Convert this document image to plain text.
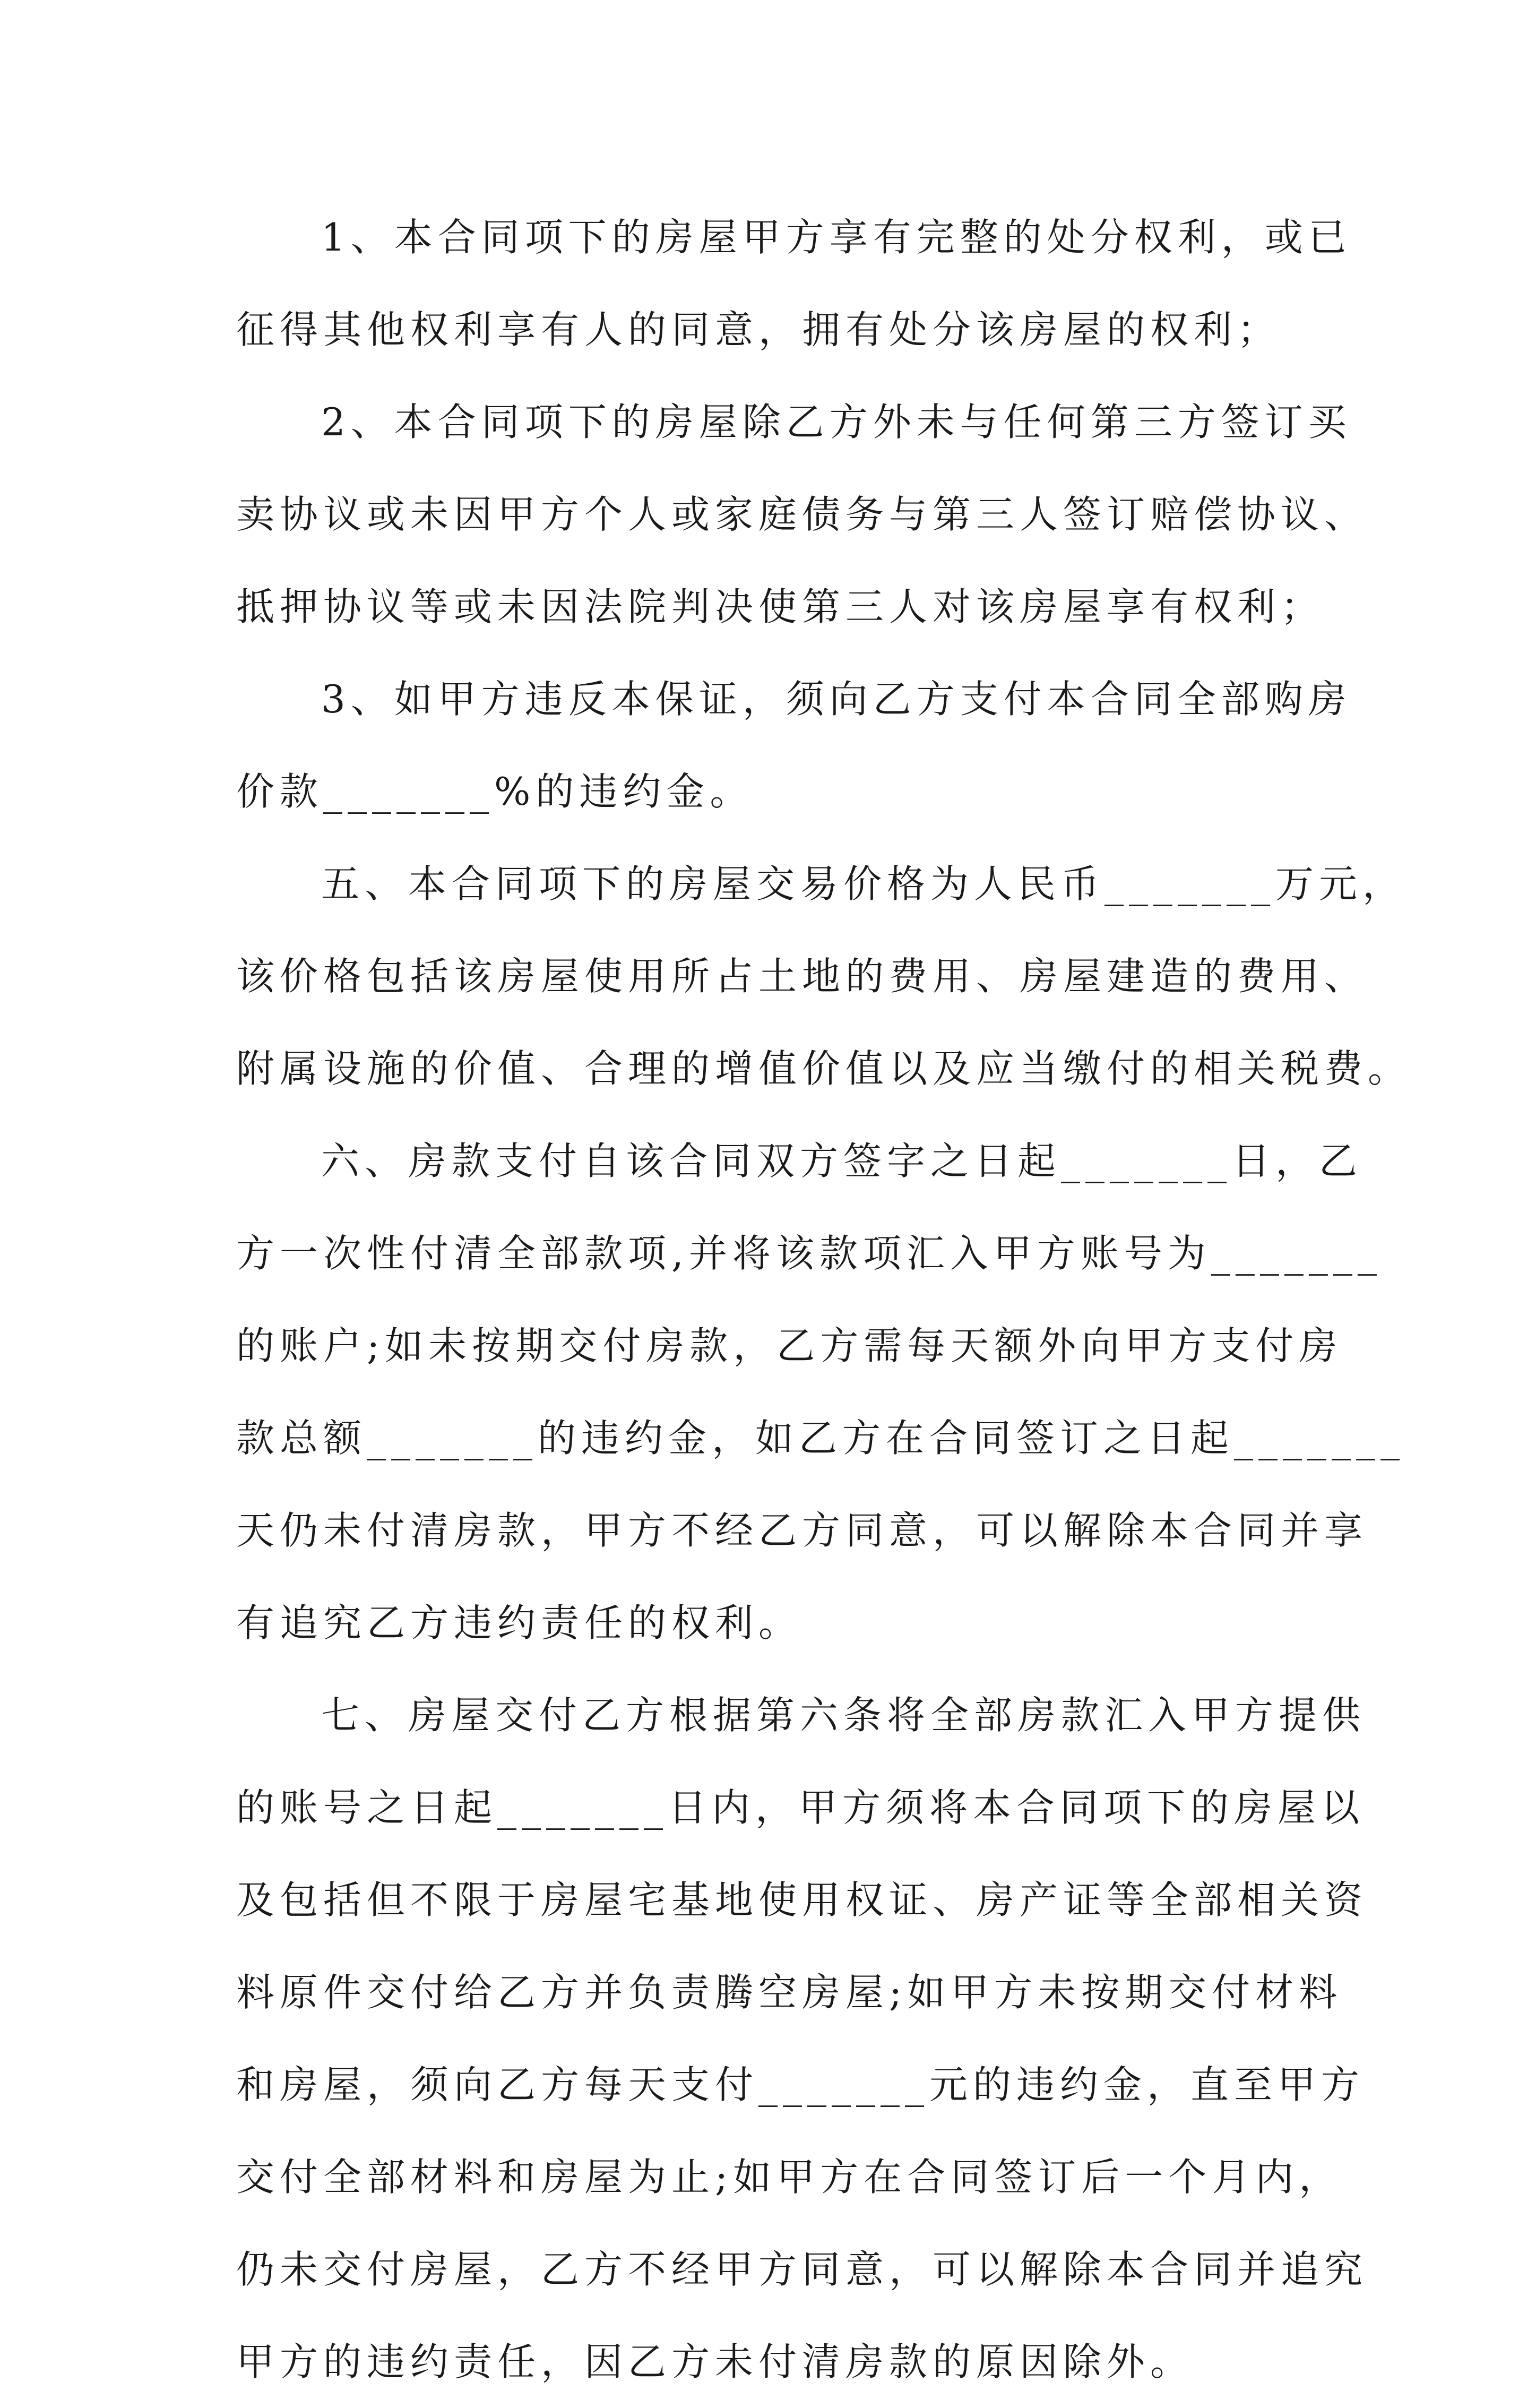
1、本合同项下的房屋甲方享有完整的处分权利，或已
征得其他权利享有人的同意，拥有处分该房屋的权利；
2、本合同项下的房屋除乙方外未与任何第三方签订买
卖协议或未因甲方个人或家庭债务与第三人签订赔偿协议、
抵押协议等或未因法院判决使第三人对该房屋享有权利；
3、如甲方违反本保证，须向乙方支付本合同全部购房
价款_______%的违约金。
五、本合同项下的房屋交易价格为人民币_______万元，
该价格包括该房屋使用所占土地的费用、房屋建造的费用、
附属设施的价值、合理的增值价值以及应当缴付的相关税费。
六、房款支付自该合同双方签字之日起_______日，乙
方一次性付清全部款项,并将该款项汇入甲方账号为_______
的账户;如未按期交付房款，乙方需每天额外向甲方支付房
款总额_______的违约金，如乙方在合同签订之日起_______
天仍未付清房款，甲方不经乙方同意，可以解除本合同并享
有追究乙方违约责任的权利。
七、房屋交付乙方根据第六条将全部房款汇入甲方提供
的账号之日起_______日内，甲方须将本合同项下的房屋以
及包括但不限于房屋宅基地使用权证、房产证等全部相关资
料原件交付给乙方并负责腾空房屋;如甲方未按期交付材料
和房屋，须向乙方每天支付_______元的违约金，直至甲方
交付全部材料和房屋为止;如甲方在合同签订后一个月内，
仍未交付房屋，乙方不经甲方同意，可以解除本合同并追究
甲方的违约责任，因乙方未付清房款的原因除外。
